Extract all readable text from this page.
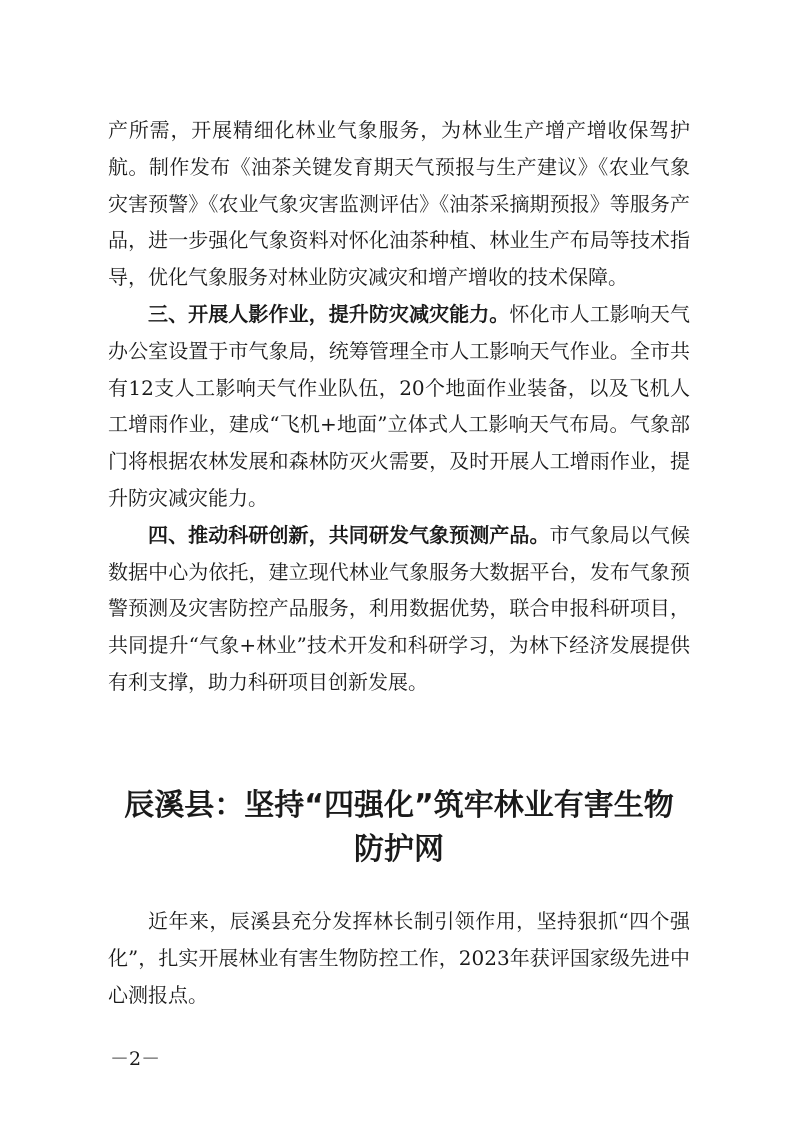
产所需，开展精细化林业气象服务，为林业生产增产增收保驾护航。制作发布《油茶关键发育期天气预报与生产建议》《农业气象灾害预警》《农业气象灾害监测评估》《油茶采摘期预报》等服务产品，进一步强化气象资料对怀化油茶种植、林业生产布局等技术指导，优化气象服务对林业防灾减灾和增产增收的技术保障。

三、开展人影作业，提升防灾减灾能力。怀化市人工影响天气办公室设置于市气象局，统筹管理全市人工影响天气作业。全市共有12支人工影响天气作业队伍，20个地面作业装备，以及飞机人工增雨作业，建成“飞机+地面”立体式人工影响天气布局。气象部门将根据农林发展和森林防灭火需要，及时开展人工增雨作业，提升防灾减灾能力。

四、推动科研创新，共同研发气象预测产品。市气象局以气候数据中心为依托，建立现代林业气象服务大数据平台，发布气象预警预测及灾害防控产品服务，利用数据优势，联合申报科研项目，共同提升“气象+林业”技术开发和科研学习，为林下经济发展提供有利支撑，助力科研项目创新发展。

辰溪县：坚持“四强化”筑牢林业有害生物
防护网

近年来，辰溪县充分发挥林长制引领作用，坚持狠抓“四个强化”，扎实开展林业有害生物防控工作，2023年获评国家级先进中心测报点。

－2－
